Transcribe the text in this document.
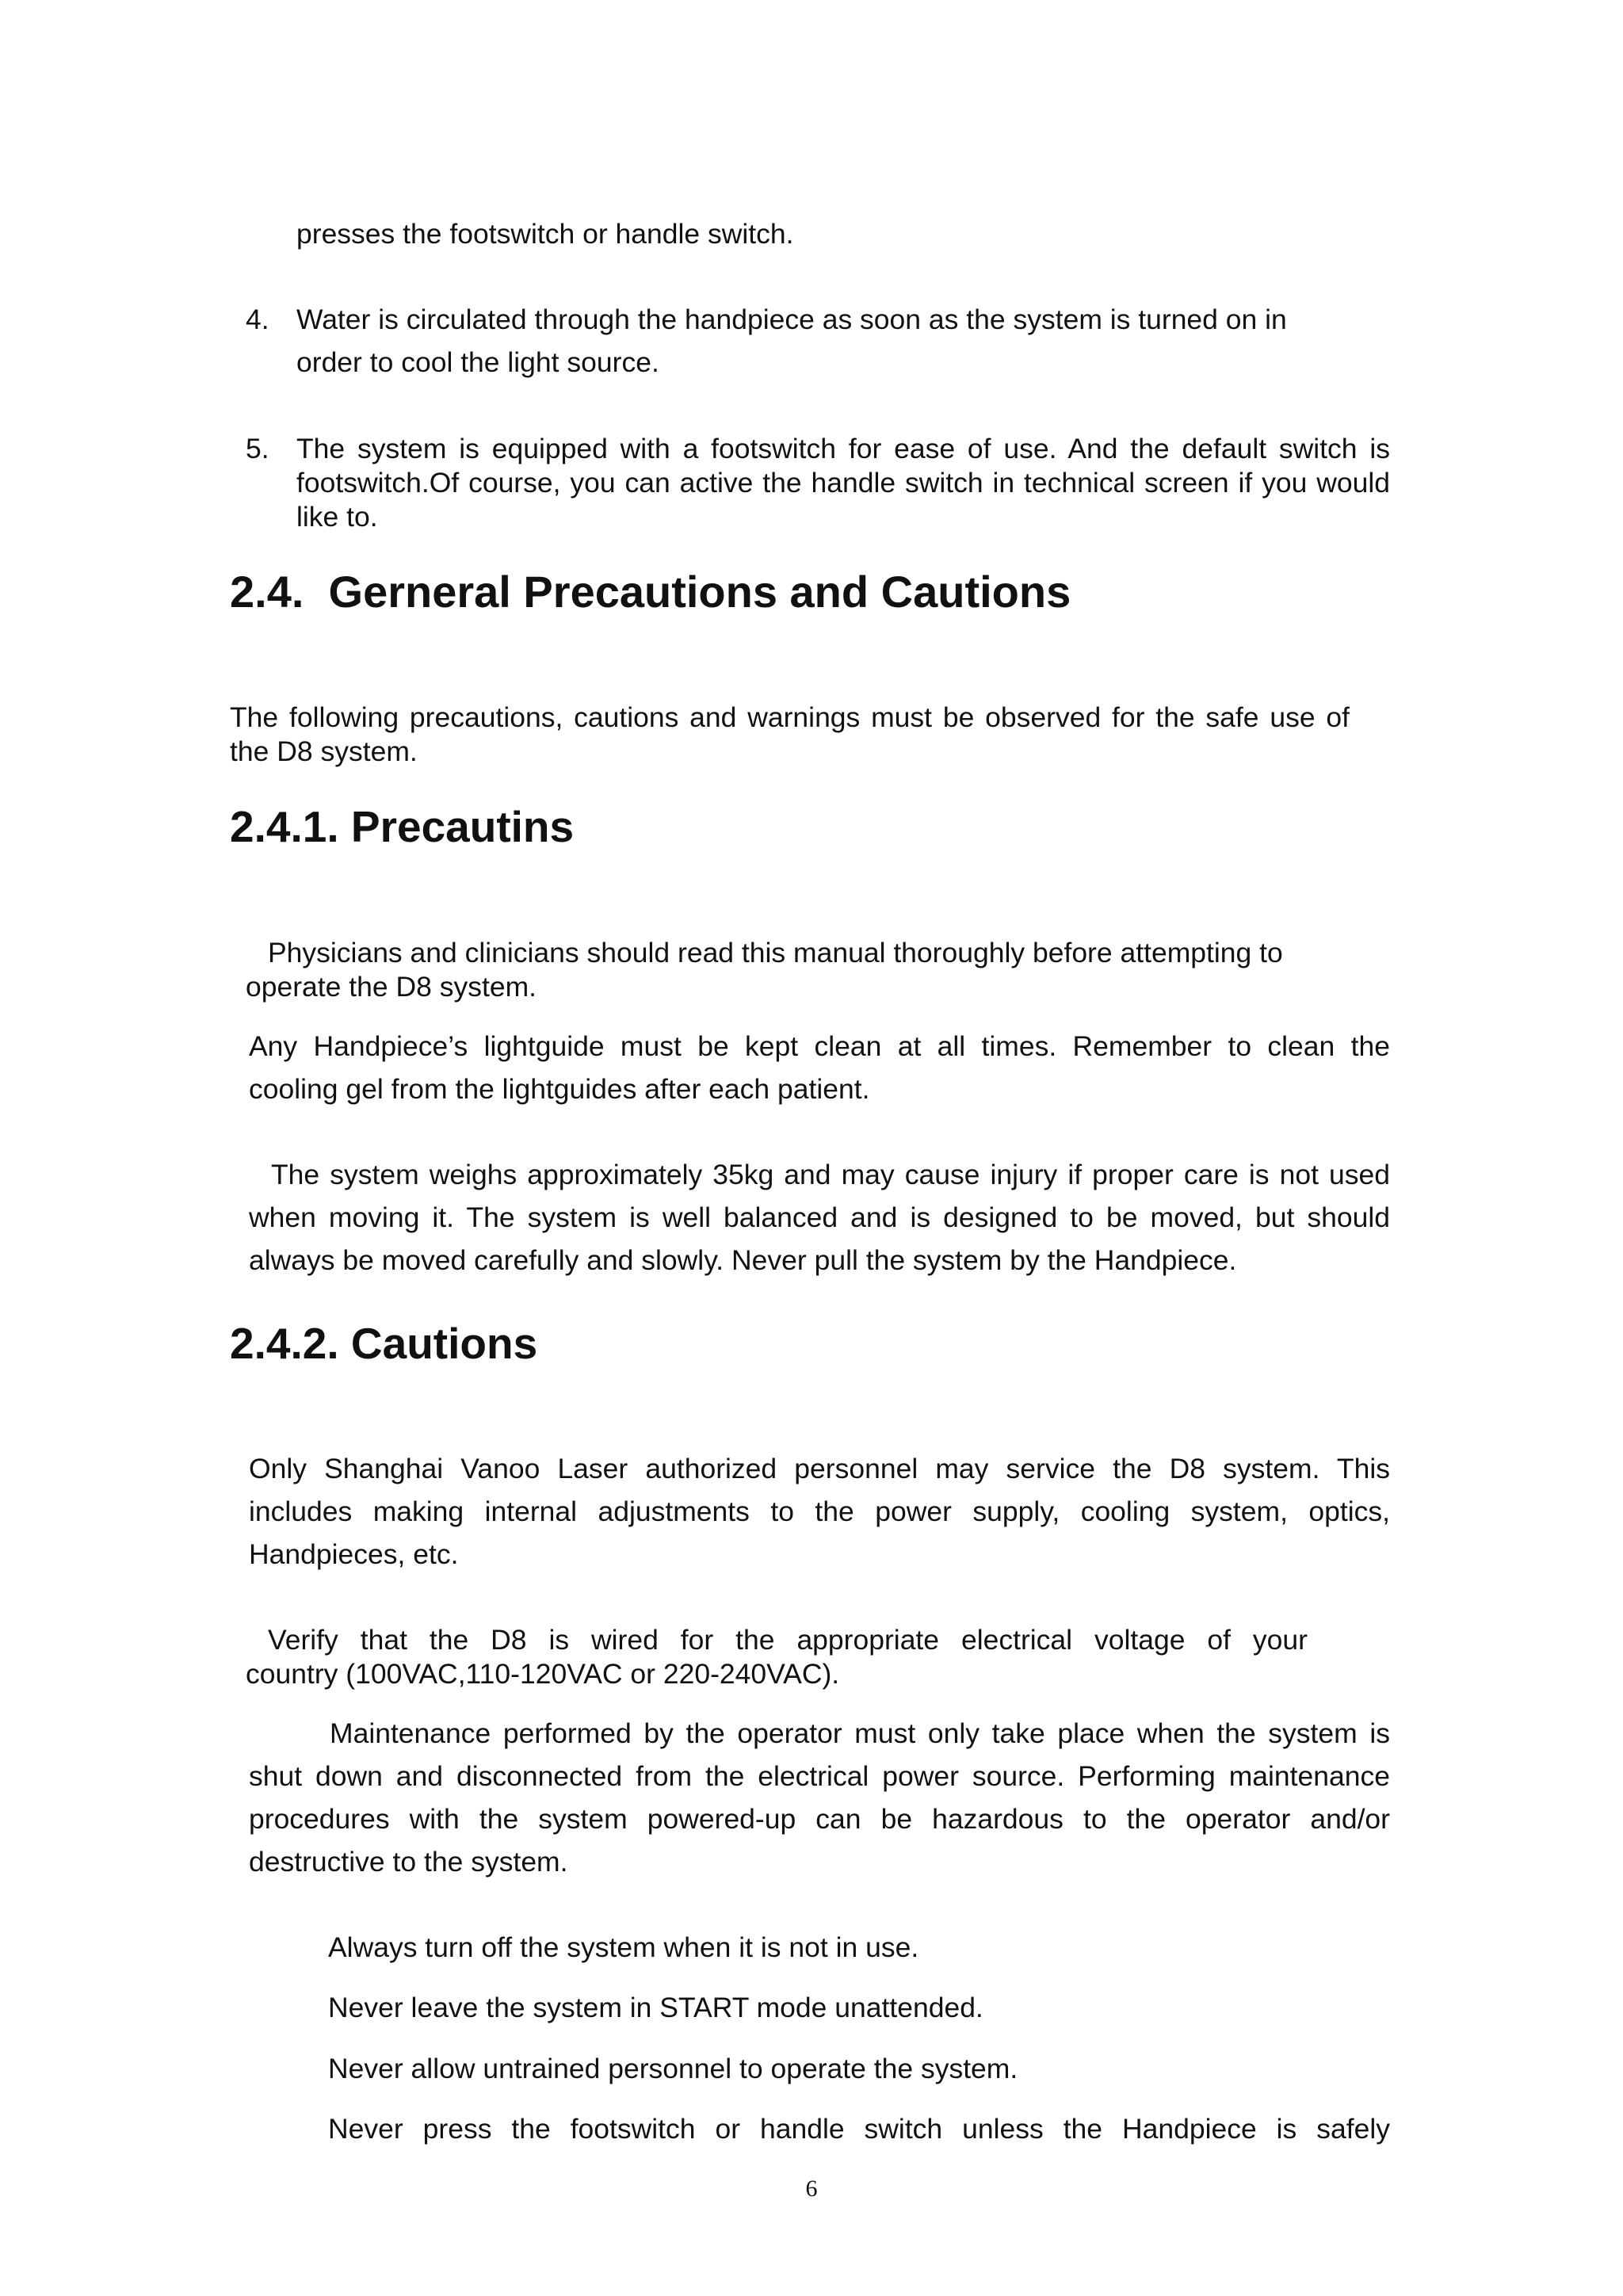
presses the footswitch or handle switch.

4. Water is circulated through the handpiece as soon as the system is turned on in

order to cool the light source.

5. The system is equipped with a footswitch for ease of use. And the default switch is

footswitch.Of course, you can active the handle switch in technical screen if you would

like to.

2.4.  Gerneral Precautions and Cautions

The following precautions, cautions and warnings must be observed for the safe use of

the D8 system.

2.4.1. Precautins

Physicians and clinicians should read this manual thoroughly before attempting to

operate the D8 system.

Any Handpiece’s lightguide must be kept clean at all times. Remember to clean the

cooling gel from the lightguides after each patient.

The system weighs approximately 35kg and may cause injury if proper care is not used

when moving it. The system is well balanced and is designed to be moved, but should

always be moved carefully and slowly. Never pull the system by the Handpiece.

2.4.2. Cautions

Only Shanghai Vanoo Laser authorized personnel may service the D8 system. This

includes making internal adjustments to the power supply, cooling system, optics,

Handpieces, etc.

Verify that the D8 is wired for the appropriate electrical voltage of your

country (100VAC,110-120VAC or 220-240VAC).

Maintenance performed by the operator must only take place when the system is

shut down and disconnected from the electrical power source. Performing maintenance

procedures with the system powered-up can be hazardous to the operator and/or

destructive to the system.

Always turn off the system when it is not in use.

Never leave the system in START mode unattended.

Never allow untrained personnel to operate the system.

Never press the footswitch or handle switch unless the Handpiece is safely

6
